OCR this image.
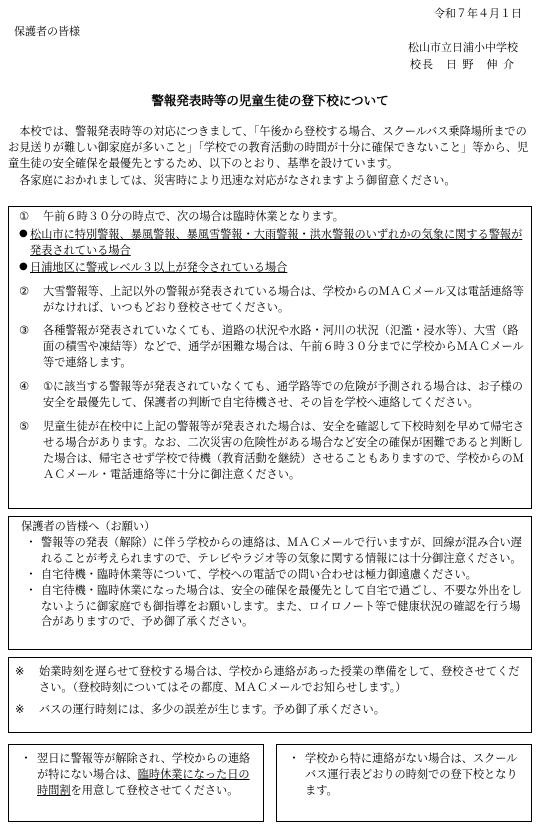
令和７年４月１日
保護者の皆様
松山市立日浦小中学校
校長　日 野　伸 介
警報発表時等の児童生徒の登下校について

本校では、警報発表時等の対応につきまして、「午後から登校する場合、スクールバス乗降場所までのお見送りが難しい御家庭が多いこと」「学校での教育活動の時間が十分に確保できないこと」等から、児童生徒の安全確保を最優先とするため、以下のとおり、基準を設けています。

各家庭におかれましては、災害時により迅速な対応がなされますよう御留意ください。

①	午前６時３０分の時点で、次の場合は臨時休業となります。
● 松山市に特別警報、暴風警報、暴風雪警報・大雨警報・洪水警報のいずれかの気象に関する警報が発表されている場合
● 日浦地区に警戒レベル３以上が発令されている場合
②	大雪警報等、上記以外の警報が発表されている場合は、学校からのＭＡＣメール又は電話連絡等がなければ、いつもどおり登校させてください。
③	各種警報が発表されていなくても、道路の状況や水路・河川の状況（氾濫・浸水等）、大雪（路面の積雪や凍結等）などで、通学が困難な場合は、午前６時３０分までに学校からＭＡＣメール等で連絡します。
④	①に該当する警報等が発表されていなくても、通学路等での危険が予測される場合は、お子様の安全を最優先して、保護者の判断で自宅待機させ、その旨を学校へ連絡してください。
⑤	児童生徒が在校中に上記の警報等が発表された場合は、安全を確認して下校時刻を早めて帰宅させる場合があります。なお、二次災害の危険性がある場合など安全の確保が困難であると判断した場合は、帰宅させず学校で待機（教育活動を継続）させることもありますので、学校からのＭＡＣメール・電話連絡等に十分に御注意ください。
保護者の皆様へ（お願い）
・ 警報等の発表（解除）に伴う学校からの連絡は、ＭＡＣメールで行いますが、回線が混み合い遅れることが考えられますので、テレビやラジオ等の気象に関する情報には十分御注意ください。
・ 自宅待機・臨時休業等について、学校への電話での問い合わせは極力御遠慮ください。
・ 自宅待機・臨時休業になった場合は、安全の確保を最優先として自宅で過ごし、不要な外出をしないように御家庭でも御指導をお願いします。また、ロイロノート等で健康状況の確認を行う場合がありますので、予め御了承ください。
※	始業時刻を遅らせて登校する場合は、学校から連絡があった授業の準備をして、登校させてください。（登校時刻についてはその都度、ＭＡＣメールでお知らせします。）
※	バスの運行時刻には、多少の誤差が生じます。予め御了承ください。
・ 翌日に警報等が解除され、学校からの連絡が特にない場合は、臨時休業になった日の時間割を用意して登校させてください。
・ 学校から特に連絡がない場合は、スクールバス運行表どおりの時刻での登下校となります。
